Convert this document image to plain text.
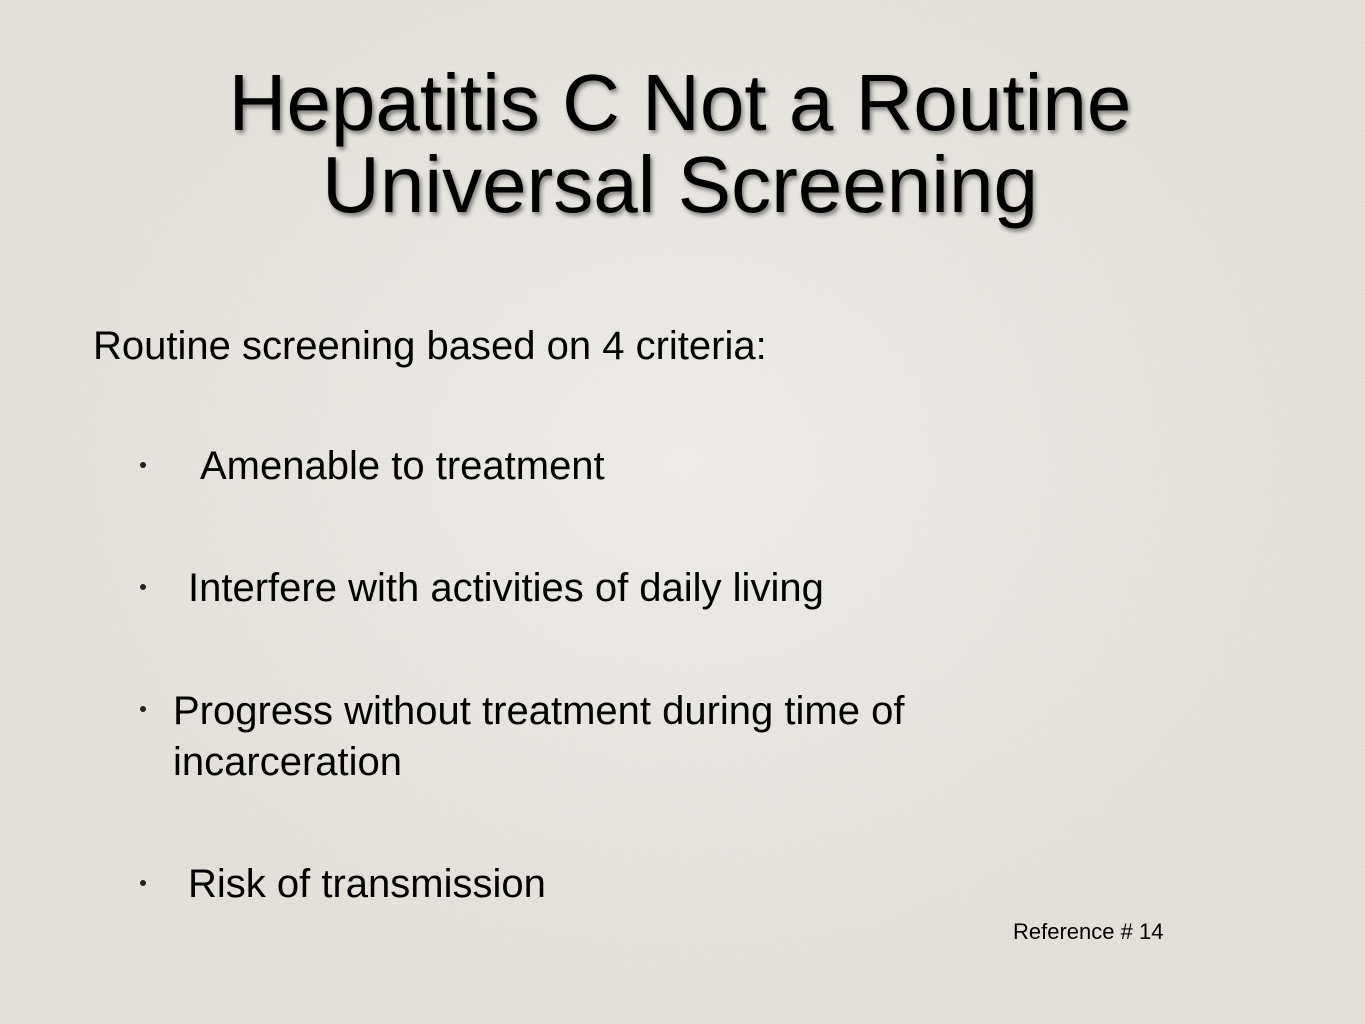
Hepatitis C Not a Routine
Universal Screening

Routine screening based on 4 criteria:

Amenable to treatment
Interfere with activities of daily living
Progress without treatment during time of incarceration
Risk of transmission

Reference # 14
